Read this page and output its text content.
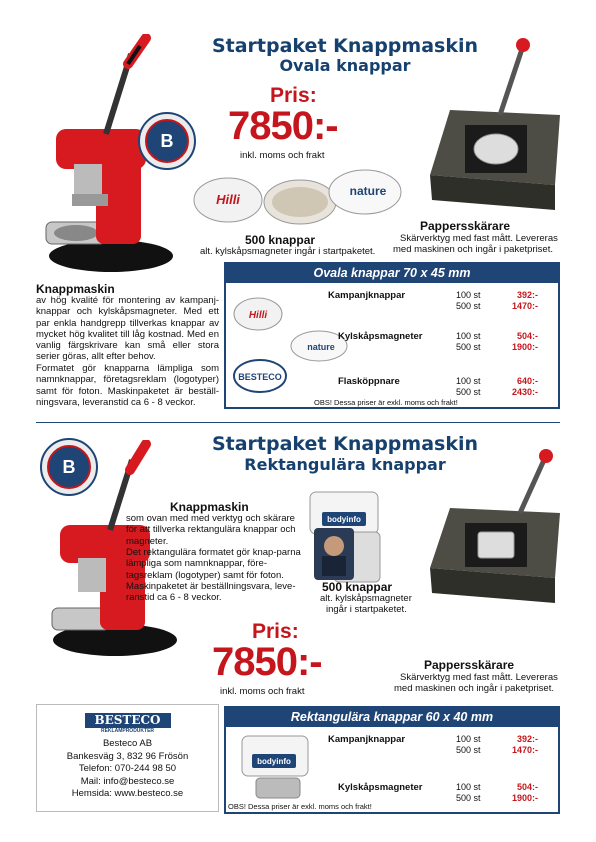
Startpaket Knappmaskin
Ovala knappar
B
Pris:
7850:-
inkl. moms och frakt
Hilli
nature
500 knappar
alt. kylskåpsmagneter ingår i startpaketet.
Pappersskärare
Skärverktyg med fast mått. Levereras
med maskinen och ingår i paketpriset.
Knappmaskin
av hög kvalité för montering av kampanj-knappar och kylskåpsmagneter. Med ett par enkla handgrepp tillverkas knappar av mycket hög kvalitet till låg kostnad. Med en vanlig färgskrivare kan små eller stora serier göras, allt efter behov.
Formatet gör knapparna lämpliga som namnknappar, företagsreklam (logotyper) samt för foton. Maskinpaketet är beställ-ningsvara, leveranstid ca 6 - 8 veckor.
Ovala knappar 70 x 45 mm
Hilli
Kampanjknappar	100 st	392:-
500 st	1470:-
nature
Kylskåpsmagneter	100 st	504:-
500 st	1900:-
BESTECO	Flasköppnare	100 st	640:-
500 st	2430:-
OBS! Dessa priser är exkl. moms och frakt!
B
Startpaket Knappmaskin
Rektangulära knappar
Knappmaskin
som ovan med med verktyg och skärare för att tillverka rektangulära knappar och magneter.
Det rektangulära formatet gör knap-parna lämpliga som namnknappar, före-tagsreklam (logotyper) samt för foton. Maskinpaketet är beställningsvara, leve-ranstid ca 6 - 8 veckor.
bodyinfo
500 knappar
alt. kylskåpsmagneter
ingår i startpaketet.
Pris:
7850:-
inkl. moms och frakt
Pappersskärare
Skärverktyg med fast mått. Levereras
med maskinen och ingår i paketpriset.
BESTECO
REKLAMPRODUKTER
Besteco AB
Bankesväg 3, 832 96 Frösön
Telefon: 070-244 98 50
Mail: info@besteco.se
Hemsida: www.besteco.se
Rektangulära knappar 60 x 40 mm
bodyinfo
Kampanjknappar	100 st	392:-
500 st	1470:-
Kylskåpsmagneter	100 st	504:-
500 st	1900:-
OBS! Dessa priser är exkl. moms och frakt!
